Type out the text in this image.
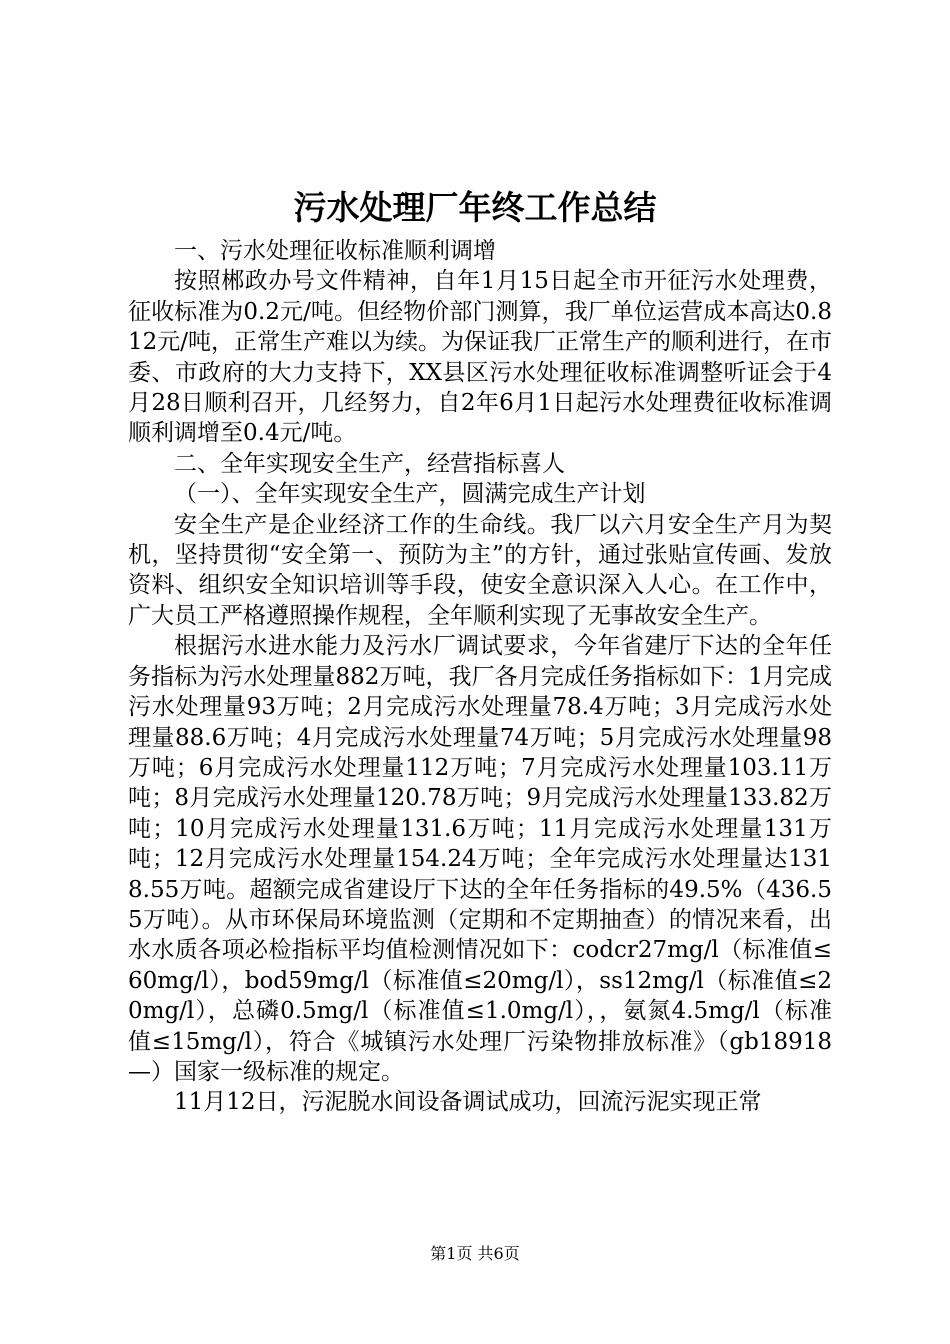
污水处理厂年终工作总结

一、污水处理征收标准顺利调增

按照郴政办号文件精神，自年1月15日起全市开征污水处理费，征收标准为0.2元/吨。但经物价部门测算，我厂单位运营成本高达0.812元/吨，正常生产难以为续。为保证我厂正常生产的顺利进行，在市委、市政府的大力支持下，XX县区污水处理征收标准调整听证会于4月28日顺利召开，几经努力，自2年6月1日起污水处理费征收标准调顺利调增至0.4元/吨。

二、全年实现安全生产，经营指标喜人

（一）、全年实现安全生产，圆满完成生产计划

安全生产是企业经济工作的生命线。我厂以六月安全生产月为契机，坚持贯彻“安全第一、预防为主”的方针，通过张贴宣传画、发放资料、组织安全知识培训等手段，使安全意识深入人心。在工作中，广大员工严格遵照操作规程，全年顺利实现了无事故安全生产。

根据污水进水能力及污水厂调试要求，今年省建厅下达的全年任务指标为污水处理量882万吨，我厂各月完成任务指标如下：1月完成污水处理量93万吨；2月完成污水处理量78.4万吨；3月完成污水处理量88.6万吨；4月完成污水处理量74万吨；5月完成污水处理量98万吨；6月完成污水处理量112万吨；7月完成污水处理量103.11万吨；8月完成污水处理量120.78万吨；9月完成污水处理量133.82万吨；10月完成污水处理量131.6万吨；11月完成污水处理量131万吨；12月完成污水处理量154.24万吨；全年完成污水处理量达1318.55万吨。超额完成省建设厅下达的全年任务指标的49.5%（436.55万吨）。从市环保局环境监测（定期和不定期抽查）的情况来看，出水水质各项必检指标平均值检测情况如下：codcr27mg/l（标准值≤60mg/l），bod59mg/l（标准值≤20mg/l），ss12mg/l（标准值≤20mg/l），总磷0.5mg/l（标准值≤1.0mg/l），，氨氮4.5mg/l（标准值≤15mg/l），符合《城镇污水处理厂污染物排放标准》（gb18918—）国家一级标准的规定。

11月12日，污泥脱水间设备调试成功，回流污泥实现正常

第1页 共6页
